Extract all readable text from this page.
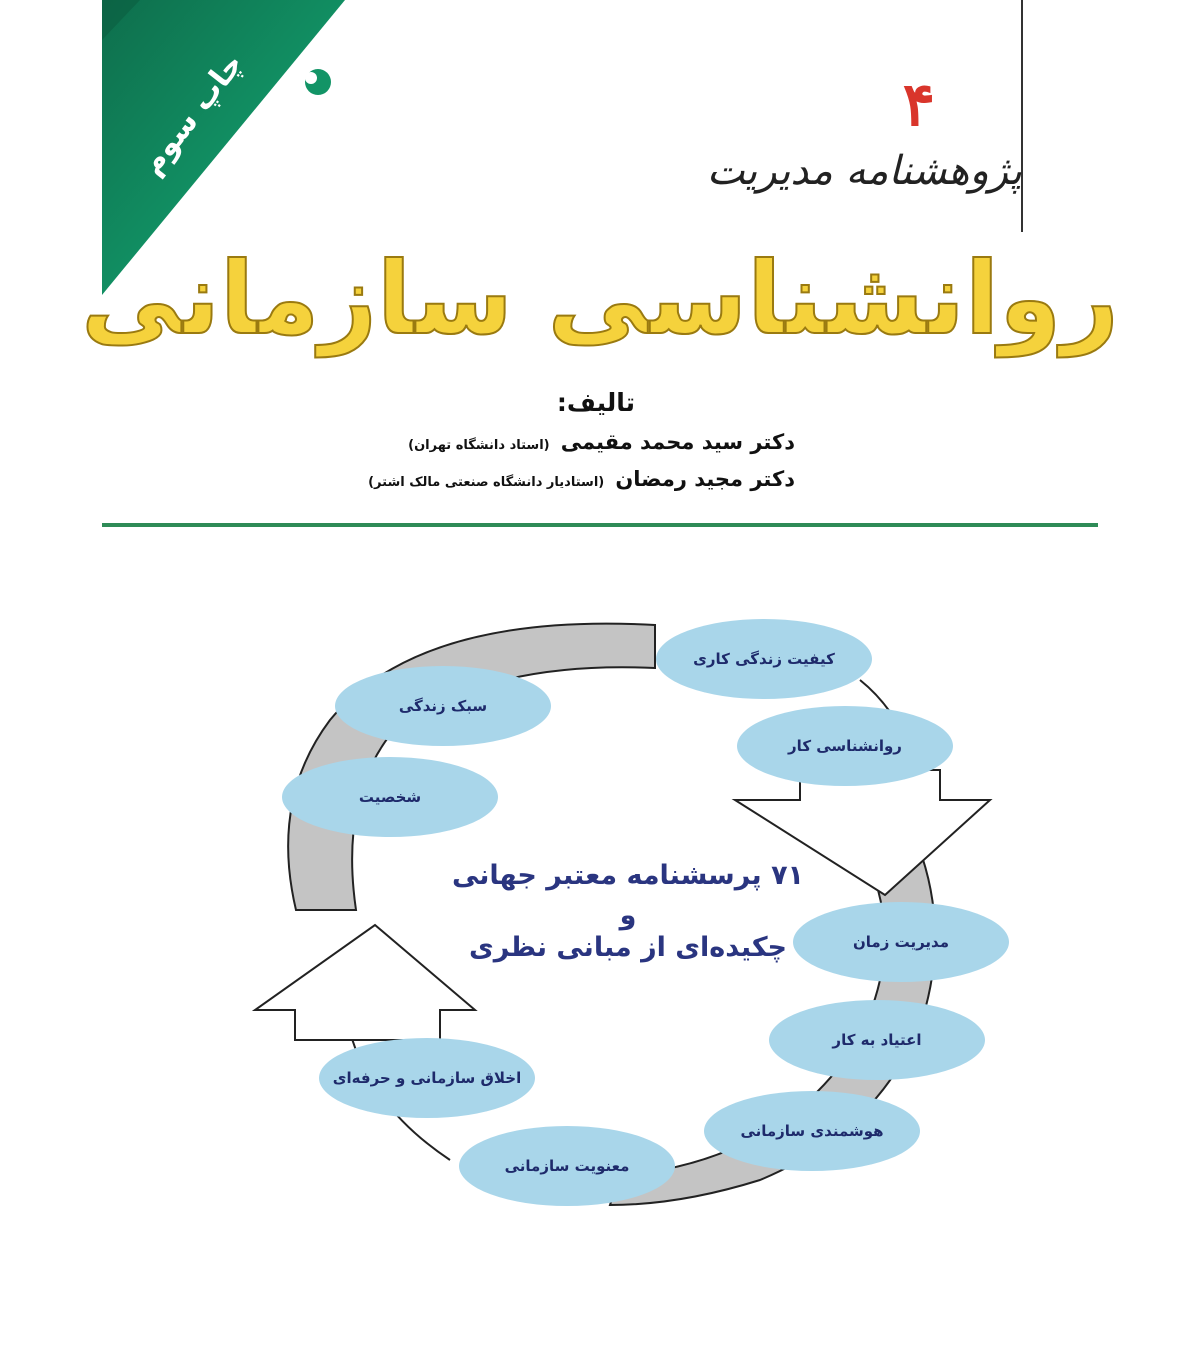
چاپ سوم	۴
پژوهشنامه مدیریت
روانشناسی سازمانی
تالیف:
دکتر سید محمد مقیمی (استاد دانشگاه تهران)
دکتر مجید رمضان (استادیار دانشگاه صنعتی مالک اشتر)
کیفیت زندگی کاری
روانشناسی کار
سبک زندگی
شخصیت
مدیریت زمان
اعتیاد به کار
اخلاق سازمانی و حرفه‌ای
هوشمندی سازمانی
معنویت سازمانی
۷۱ پرسشنامه معتبر جهانی
و
چکیده‌ای از مبانی نظری
